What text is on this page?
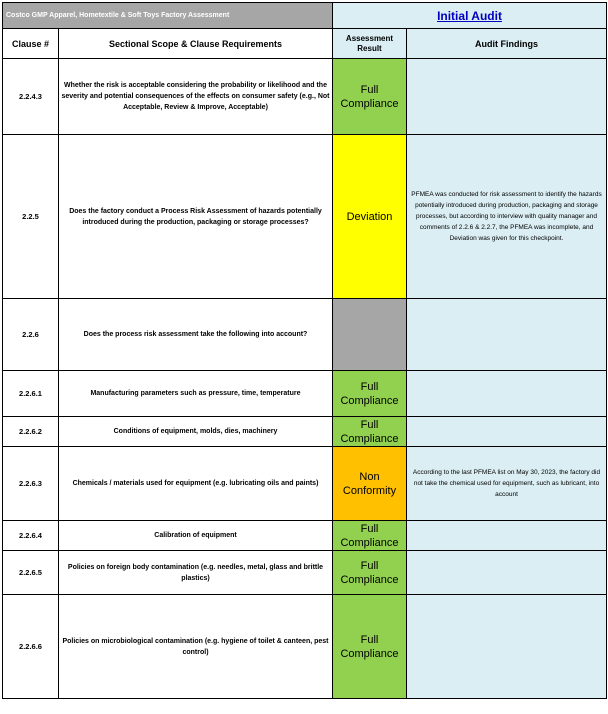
Costco GMP Apparel, Hometextile & Soft Toys Factory Assessment		Initial Audit	
Clause #	Sectional Scope & Clause Requirements	Assessment Result	Audit Findings
2.2.4.3	Whether the risk is acceptable considering the probability or likelihood and the severity and potential consequences of the effects on consumer safety (e.g., Not Acceptable, Review & Improve, Acceptable)	Full Compliance	
2.2.5	Does the factory conduct a Process Risk Assessment of hazards potentially introduced during the production, packaging or storage processes?	Deviation	PFMEA was conducted for risk assessment to identify the hazards potentially introduced during production, packaging and storage processes, but according to interview with quality manager and comments of 2.2.6 & 2.2.7, the PFMEA was incomplete, and Deviation was given for this checkpoint.
2.2.6	Does the process risk assessment take the following into account?		
2.2.6.1	Manufacturing parameters such as pressure, time, temperature	Full Compliance	
2.2.6.2	Conditions of equipment, molds, dies, machinery	Full Compliance	
2.2.6.3	Chemicals / materials used for equipment (e.g. lubricating oils and paints)	Non Conformity	According to the last PFMEA list on May 30, 2023, the factory did not take the chemical used for equipment, such as lubricant, into account
2.2.6.4	Calibration of equipment	Full Compliance	
2.2.6.5	Policies on foreign body contamination (e.g. needles, metal, glass and brittle plastics)	Full Compliance	
2.2.6.6	Policies on microbiological contamination (e.g. hygiene of toilet & canteen, pest control)	Full Compliance	
